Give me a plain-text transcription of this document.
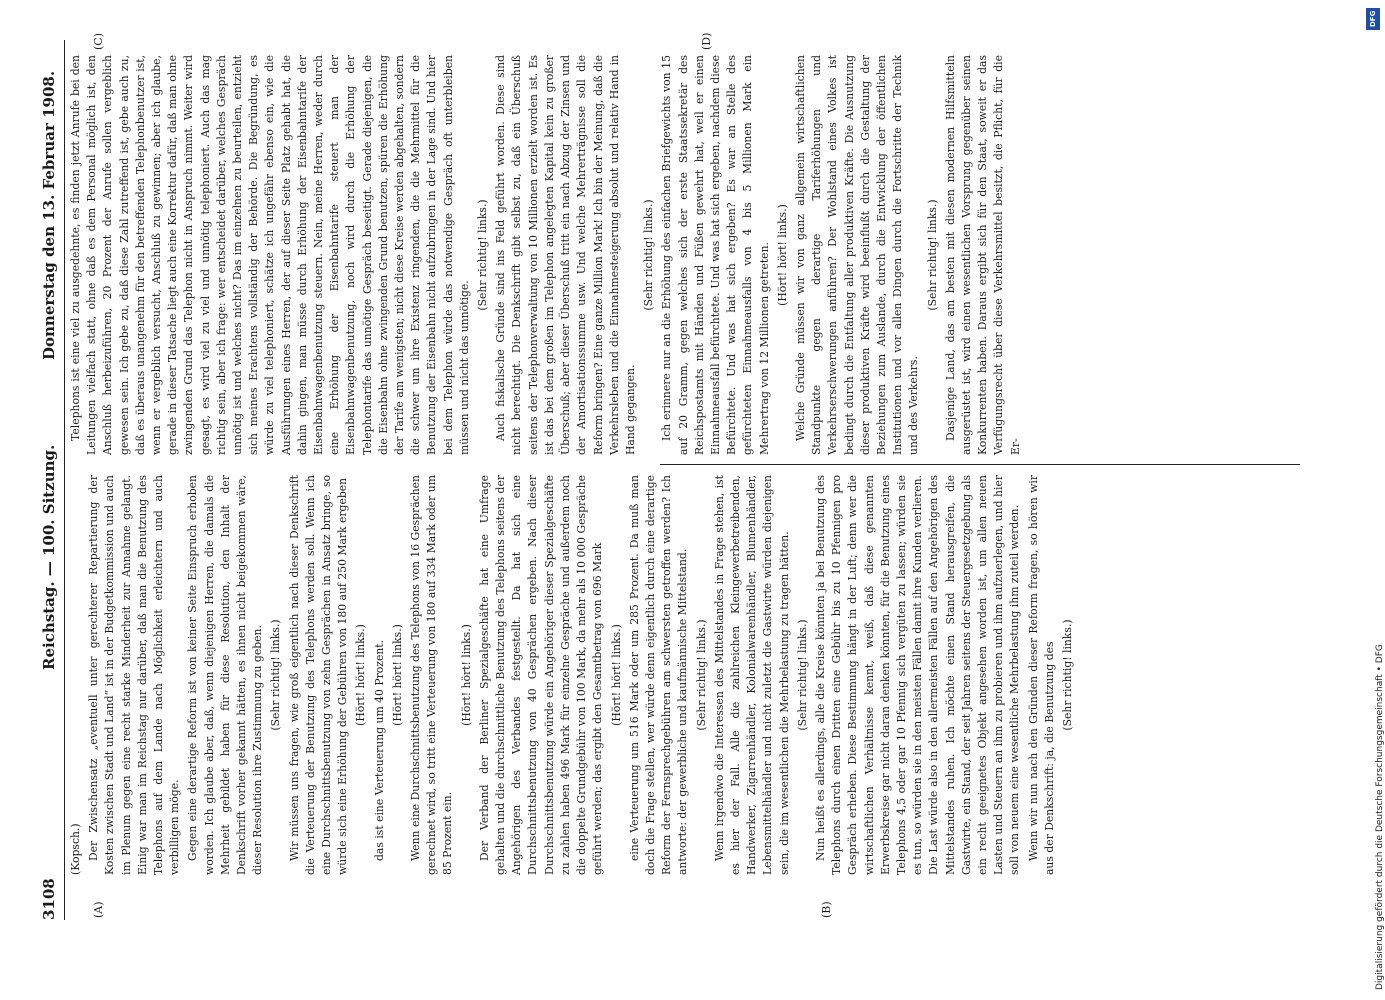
3108
Reichstag. — 100. Sitzung.
Donnerstag den 13. Februar 1908.
(A)	(B)
(C)	(D)

(Kopsch.) Der Zwischensatz „eventuell unter gerechterer Repartierung der Kosten zwischen Stadt und Land“ ist in der Budgetkommission und auch im Plenum gegen eine recht starke Minderheit zur Annahme gelangt. Einig war man im Reichstag nur darüber, daß man die Benutzung des Telephons auf dem Lande nach Möglichkeit erleichtern und auch verbilligen möge. Gegen eine derartige Reform ist von keiner Seite Einspruch erhoben worden. Ich glaube aber, daß, wenn diejenigen Herren, die damals die Mehrheit gebildet haben für diese Resolution, den Inhalt der Denkschrift vorher gekannt hätten, es ihnen nicht beigekommen wäre, dieser Resolution ihre Zustimmung zu geben. (Sehr richtig! links.) Wir müssen uns fragen, wie groß eigentlich nach dieser Denkschrift die Verteuerung der Benutzung des Telephons werden soll. Wenn ich eine Durchschnittsbenutzung von zehn Gesprächen in Ansatz bringe, so würde sich eine Erhöhung der Gebühren von 180 auf 250 Mark ergeben (Hört! hört! links.) das ist eine Verteuerung um 40 Prozent. (Hört! hört! links.) Wenn eine Durchschnittsbenutzung des Telephons von 16 Gesprächen gerechnet wird, so tritt eine Verteuerung von 180 auf 334 Mark oder um 85 Prozent ein.

(Hört! hört! links.) Der Verband der Berliner Spezialgeschäfte hat eine Umfrage gehalten und die durchschnittliche Benutzung des Telephons seitens der Angehörigen des Verbandes festgestellt. Da hat sich eine Durchschnittsbenutzung von 40 Gesprächen ergeben. Nach dieser Durchschnittsbenutzung würde ein Angehöriger dieser Spezialgeschäfte zu zahlen haben 496 Mark für einzelne Gespräche und außerdem noch die doppelte Grundgebühr von 100 Mark, da mehr als 10 000 Gespräche geführt werden; das ergibt den Gesamtbetrag von 696 Mark (Hört! hört! links.) eine Verteuerung um 516 Mark oder um 285 Prozent. Da muß man doch die Frage stellen, wer würde denn eigentlich durch eine derartige Reform der Fernsprechgebühren am schwersten getroffen werden? Ich antworte: der gewerbliche und kaufmännische Mittelstand. (Sehr richtig! links.) Wenn irgendwo die Interessen des Mittelstandes in Frage stehen, ist es hier der Fall. Alle die zahlreichen Kleingewerbetreibenden, Handwerker, Zigarrenhändler, Kolonialwarenhändler, Blumenhändler, Lebensmittelhändler und nicht zuletzt die Gastwirte würden diejenigen sein, die im wesentlichen die Mehrbelastung zu tragen hätten. (Sehr richtig! links.) Nun heißt es allerdings, alle die Kreise könnten ja bei Benutzung des Telephons durch einen Dritten eine Gebühr bis zu 10 Pfennigen pro Gespräch erheben. Diese Bestimmung hängt in der Luft; denn wer die wirtschaftlichen Verhältnisse kennt, weiß, daß diese genannten Erwerbskreise gar nicht daran denken könnten, für die Benutzung eines Telephons 4,5 oder gar 10 Pfennig sich vergüten zu lassen; würden sie es tun, so würden sie in den meisten Fällen damit ihre Kunden verlieren. Die Last würde also in den allermeisten Fällen auf den Angehörigen des Mittelstandes ruhen. Ich möchte einen Stand herausgreifen, die Gastwirte, ein Stand, der seit Jahren seitens der Steuergesetzgebung als ein recht geeignetes Objekt angesehen worden ist, um allen neuen Lasten und Steuern an ihm zu probieren und ihm aufzuerlegen, und hier soll von neuem eine wesentliche Mehrbelastung ihm zuteil werden. Wenn wir nun nach den Gründen dieser Reform fragen, so hören wir aus der Denkschrift: ja, die Benutzung des (Sehr richtig! links.)

Telephons ist eine viel zu ausgedehnte, es finden jetzt Anrufe bei den Leitungen vielfach statt, ohne daß es dem Personal möglich ist, den Anschluß herbeizuführen, 20 Prozent der Anrufe sollen vergeblich gewesen sein. Ich gebe zu, daß diese Zahl zutreffend ist, gebe auch zu, daß es überaus unangenehm für den betreffenden Telephonbenutzer ist, wenn er vergeblich versucht, Anschluß zu gewinnen; aber ich glaube, gerade in dieser Tatsache liegt auch eine Korrektur dafür, daß man ohne zwingenden Grund das Telephon nicht in Anspruch nimmt. Weiter wird gesagt, es wird viel zu viel und unnötig telephoniert. Auch das mag richtig sein, aber ich frage: wer entscheidet darüber, welches Gespräch unnötig ist und welches nicht? Das im einzelnen zu beurteilen, entzieht sich meines Erachtens vollständig der Behörde. Die Begründung, es würde zu viel telephoniert, schätze ich ungefähr ebenso ein, wie die Ausführungen eines Herren, der auf dieser Seite Platz gehabt hat, die dahin gingen, man müsse durch Erhöhung der Eisenbahntarife der Eisenbahnwagenbenutzung steuern. Nein, meine Herren, weder durch eine Erhöhung der Eisenbahntarife steuert man der Eisenbahnwagenbenutzung, noch wird durch die Erhöhung der Telephontarife das unnötige Gespräch beseitigt. Gerade diejenigen, die die Eisenbahn ohne zwingenden Grund benutzen, spüren die Erhöhung der Tarife am wenigsten; nicht diese Kreise werden abgehalten, sondern die schwer um ihre Existenz ringenden, die die Mehrmittel für die Benutzung der Eisenbahn nicht aufzubringen in der Lage sind. Und hier bei dem Telephon würde das notwendige Gespräch oft unterbleiben müssen und nicht das unnötige.

(Sehr richtig! links.) Auch fiskalische Gründe sind ins Feld geführt worden. Diese sind nicht berechtigt. Die Denkschrift gibt selbst zu, daß ein Überschuß seitens der Telephonverwaltung von 10 Millionen erzielt worden ist. Es ist das bei dem großen im Telephon angelegten Kapital kein zu großer Überschuß; aber dieser Überschuß tritt ein nach Abzug der Zinsen und der Amortisationssumme usw. Und welche Mehrerträgnisse soll die Reform bringen? Eine ganze Million Mark! Ich bin der Meinung, daß die Verkehrsleben und die Einnahmesteigerung absolut und relativ Hand in Hand gegangen.

(Sehr richtig! links.) Ich erinnere nur an die Erhöhung des einfachen Briefgewichts von 15 auf 20 Gramm, gegen welches sich der erste Staatssekretär des Reichspostamts mit Händen und Füßen gewehrt hat, weil er einen Einnahmeausfall befürchtete. Und was hat sich ergeben, nachdem diese Befürchtete. Und was hat sich ergeben? Es war an Stelle des gefürchteten Einnahmeausfalls von 4 bis 5 Millionen Mark ein Mehrertrag von 12 Millionen getreten. (Hört! hört! links.) Welche Gründe müssen wir von ganz allgemein wirtschaftlichen Standpunkte gegen derartige Tariferhöhungen und Verkehrserschwerungen anführen? Der Wohlstand eines Volkes ist bedingt durch die Entfaltung aller produktiven Kräfte. Die Ausnutzung dieser produktiven Kräfte wird beeinflußt durch die Gestaltung der Beziehungen zum Auslande, durch die Entwicklung der öffentlichen Institutionen und vor allen Dingen durch die Fortschritte der Technik und des Verkehrs.

(Sehr richtig! links.) Dasjenige Land, das am besten mit diesen modernen Hilfsmitteln ausgerüstet ist, wird einen wesentlichen Vorsprung gegenüber seinen Konkurrenten haben. Daraus ergibt sich für den Staat, soweit er das Verfügungsrecht über diese Verkehrsmittel besitzt, die Pflicht, für die Er-

DFG
Digitalisierung gefördert durch die Deutsche Forschungsgemeinschaft • DFG
